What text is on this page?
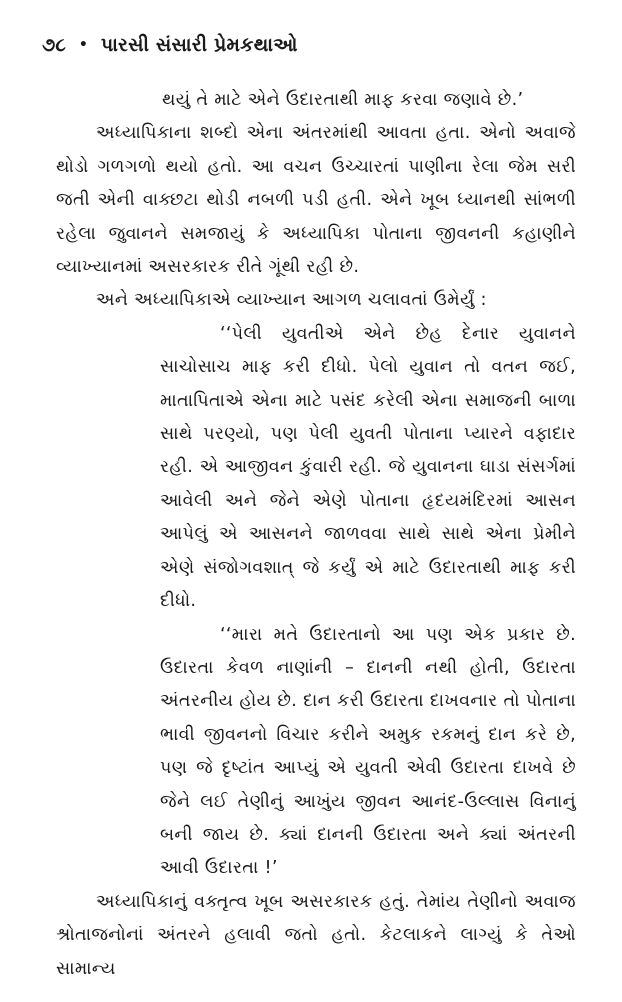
૭૮ • પારસી સંસારી પ્રેમકથાઓ

થયું તે માટે એને ઉદારતાથી માફ કરવા જણાવે છે.’

અધ્યાપિકાના શબ્દો એના અંતરમાંથી આવતા હતા. એનો અવાજે થોડો ગળગળો થયો હતો. આ વચન ઉચ્ચારતાં પાણીના રેલા જેમ સરી જતી એની વાક્છટા થોડી નબળી પડી હતી. એને ખૂબ ધ્યાનથી સાંભળી રહેલા જુવાનને સમજાયું કે અધ્યાપિકા પોતાના જીવનની કહાણીને વ્યાખ્યાનમાં અસરકારક રીતે ગૂંથી રહી છે.

અને અધ્યાપિકાએ વ્યાખ્યાન આગળ ચલાવતાં ઉમેર્યું :

‘‘પેલી યુવતીએ એને છેહ દેનાર યુવાનને સાચોસાચ માફ કરી દીધો. પેલો યુવાન તો વતન જઈ, માતાપિતાએ એના માટે પસંદ કરેલી એના સમાજની બાળા સાથે પરણ્યો, પણ પેલી યુવતી પોતાના પ્યારને વફાદાર રહી. એ આજીવન કુંવારી રહી. જે યુવાનના ઘાડા સંસર્ગમાં આવેલી અને જેને એણે પોતાના હૃદયમંદિરમાં આસન આપેલું એ આસનને જાળવવા સાથે સાથે એના પ્રેમીને એણે સંજોગવશાત્ જે કર્યું એ માટે ઉદારતાથી માફ કરી દીધો.

‘‘મારા મતે ઉદારતાનો આ પણ એક પ્રકાર છે. ઉદારતા કેવળ નાણાંની – દાનની નથી હોતી, ઉદારતા અંતરનીય હોય છે. દાન કરી ઉદારતા દાખવનાર તો પોતાના ભાવી જીવનનો વિચાર કરીને અમુક રકમનું દાન કરે છે, પણ જે દૃષ્ટાંત આપ્યું એ યુવતી એવી ઉદારતા દાખવે છે જેને લઈ તેણીનું આખુંય જીવન આનંદ-ઉલ્લાસ વિનાનું બની જાય છે. ક્યાં દાનની ઉદારતા અને ક્યાં અંતરની આવી ઉદારતા !’

અધ્યાપિકાનું વક્તૃત્વ ખૂબ અસરકારક હતું. તેમાંય તેણીનો અવાજ શ્રોતાજનોનાં અંતરને હલાવી જતો હતો. કેટલાકને લાગ્યું કે તેઓ સામાન્ય
